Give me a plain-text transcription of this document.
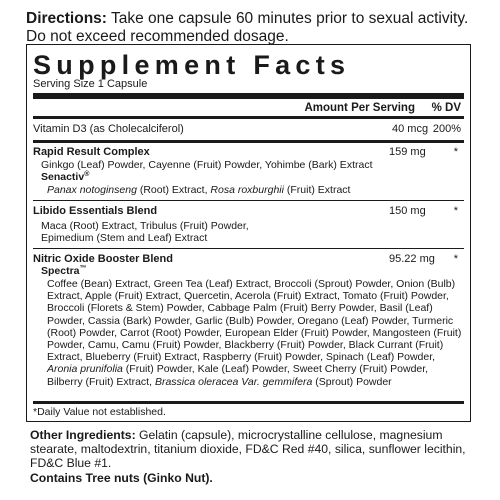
Directions: Take one capsule 60 minutes prior to sexual activity. Do not exceed recommended dosage.
Supplement Facts
Serving Size 1 Capsule
Amount Per Serving % DV
Vitamin D3 (as Cholecalciferol)	40 mcg 200%
Rapid Result Complex	159 mg	*
Ginkgo (Leaf) Powder, Cayenne (Fruit) Powder, Yohimbe (Bark) Extract
Senactiv®
Panax notoginseng (Root) Extract, Rosa roxburghii (Fruit) Extract
Libido Essentials Blend	150 mg	*
Maca (Root) Extract, Tribulus (Fruit) Powder, Epimedium (Stem and Leaf) Extract
Nitric Oxide Booster Blend	95.22 mg *
Spectra™
Coffee (Bean) Extract, Green Tea (Leaf) Extract, Broccoli (Sprout) Powder, Onion (Bulb) Extract, Apple (Fruit) Extract, Quercetin, Acerola (Fruit) Extract, Tomato (Fruit) Powder, Broccoli (Florets & Stem) Powder, Cabbage Palm (Fruit) Berry Powder, Basil (Leaf) Powder, Cassia (Bark) Powder, Garlic (Bulb) Powder, Oregano (Leaf) Powder, Turmeric (Root) Powder, Carrot (Root) Powder, European Elder (Fruit) Powder, Mangosteen (Fruit) Powder, Camu, Camu (Fruit) Powder, Blackberry (Fruit) Powder, Black Currant (Fruit) Extract, Blueberry (Fruit) Extract, Raspberry (Fruit) Powder, Spinach (Leaf) Powder, Aronia prunifolia (Fruit) Powder, Kale (Leaf) Powder, Sweet Cherry (Fruit) Powder, Bilberry (Fruit) Extract, Brassica oleracea Var. gemmifera (Sprout) Powder
*Daily Value not established.
Other Ingredients: Gelatin (capsule), microcrystalline cellulose, magnesium stearate, maltodextrin, titanium dioxide, FD&C Red #40, silica, sunflower lecithin, FD&C Blue #1.
Contains Tree nuts (Ginko Nut).
